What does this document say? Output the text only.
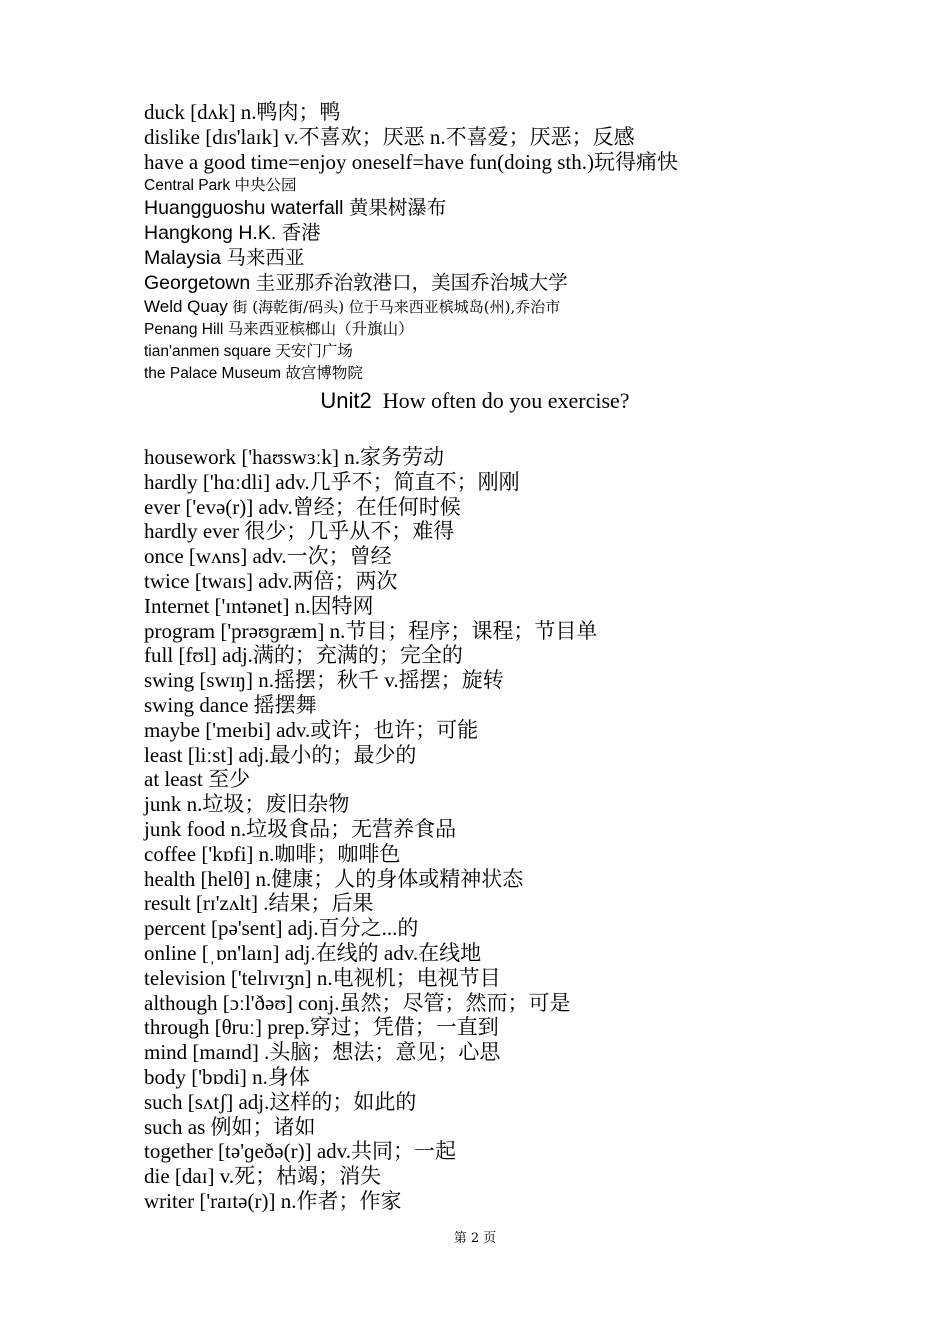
duck [dʌk] n.鸭肉；鸭
dislike [dɪs'laɪk] v.不喜欢；厌恶 n.不喜爱；厌恶；反感
have a good time=enjoy oneself=have fun(doing sth.)玩得痛快
Central Park 中央公园
Huangguoshu waterfall 黄果树瀑布
Hangkong H.K. 香港
Malaysia 马来西亚
Georgetown 圭亚那乔治敦港口，美国乔治城大学
Weld Quay 街 (海乾街/码头) 位于马来西亚槟城岛(州),乔治市
Penang Hill 马来西亚槟榔山（升旗山）
tian'anmen square 天安门广场
the Palace Museum 故宫博物院
Unit2 How often do you exercise?
housework ['haʊswɜːk] n.家务劳动
hardly ['hɑːdli] adv.几乎不；简直不；刚刚
ever ['evə(r)] adv.曾经；在任何时候
hardly ever 很少；几乎从不；难得
once [wʌns] adv.一次；曾经
twice [twaɪs] adv.两倍；两次
Internet ['ɪntənet] n.因特网
program ['prəʊɡræm] n.节目；程序；课程；节目单
full [fʊl] adj.满的；充满的；完全的
swing [swɪŋ] n.摇摆；秋千 v.摇摆；旋转
swing dance 摇摆舞
maybe ['meɪbi] adv.或许；也许；可能
least [liːst] adj.最小的；最少的
at least 至少
junk n.垃圾；废旧杂物
junk food n.垃圾食品；无营养食品
coffee ['kɒfi] n.咖啡；咖啡色
health [helθ] n.健康；人的身体或精神状态
result [rɪ'zʌlt] .结果；后果
percent [pə'sent] adj.百分之...的
online [ˌɒn'laɪn] adj.在线的 adv.在线地
television ['telɪvɪʒn] n.电视机；电视节目
although [ɔːl'ðəʊ] conj.虽然；尽管；然而；可是
through [θruː] prep.穿过；凭借；一直到
mind [maɪnd] .头脑；想法；意见；心思
body ['bɒdi] n.身体
such [sʌtʃ] adj.这样的；如此的
such as 例如；诸如
together [tə'ɡeðə(r)] adv.共同；一起
die [daɪ] v.死；枯竭；消失
writer ['raɪtə(r)] n.作者；作家
第 2 页
